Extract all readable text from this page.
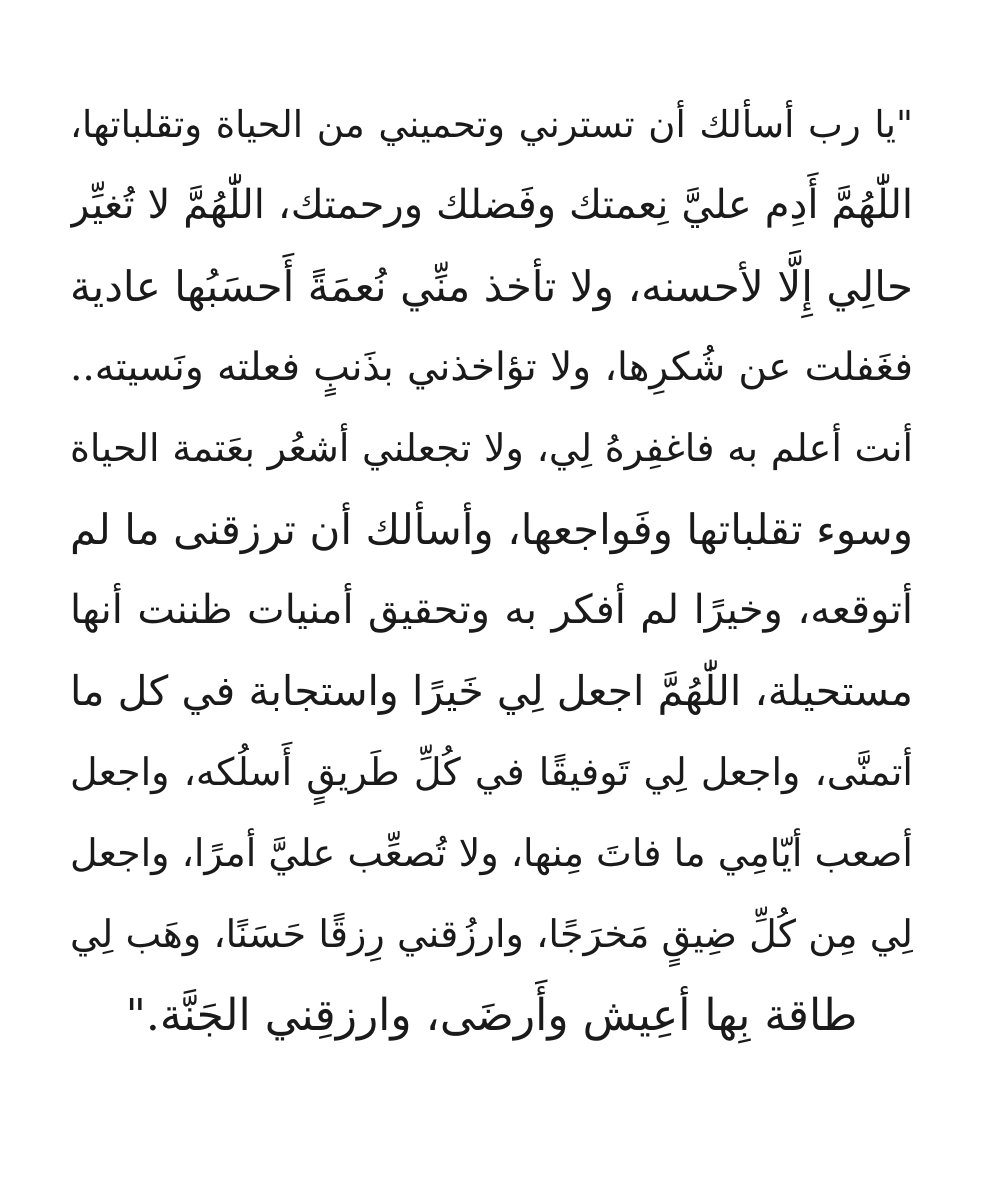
"يا رب أسألك أن تسترني وتحميني من الحياة وتقلباتها،
اللّٰهُمَّ أَدِم عليَّ نِعمتك وفَضلك ورحمتك، اللّٰهُمَّ لا تُغيِّر
حالِي إِلَّا لأحسنه، ولا تأخذ منِّي نُعمَةً أَحسَبُها عادية
فغَفلت عن شُكرِها، ولا تؤاخذني بذَنبٍ فعلته ونَسيته..
أنت أعلم به فاغفِرهُ لِي، ولا تجعلني أشعُر بعَتمة الحياة
وسوء تقلباتها وفَواجعها، وأسألك أن ترزقنى ما لم
أتوقعه، وخيرًا لم أفكر به وتحقيق أمنيات ظننت أنها
مستحيلة، اللّٰهُمَّ اجعل لِي خَيرًا واستجابة في كل ما
أتمنَّى، واجعل لِي تَوفيقًا في كُلِّ طَريقٍ أَسلُكه، واجعل
أصعب أيّامِي ما فاتَ مِنها، ولا تُصعِّب عليَّ أمرًا، واجعل
لِي مِن كُلِّ ضِيقٍ مَخرَجًا، وارزُقني رِزقًا حَسَنًا، وهَب لِي
طاقة بِها أعِيش وأَرضَى، وارزقِني الجَنَّة."
